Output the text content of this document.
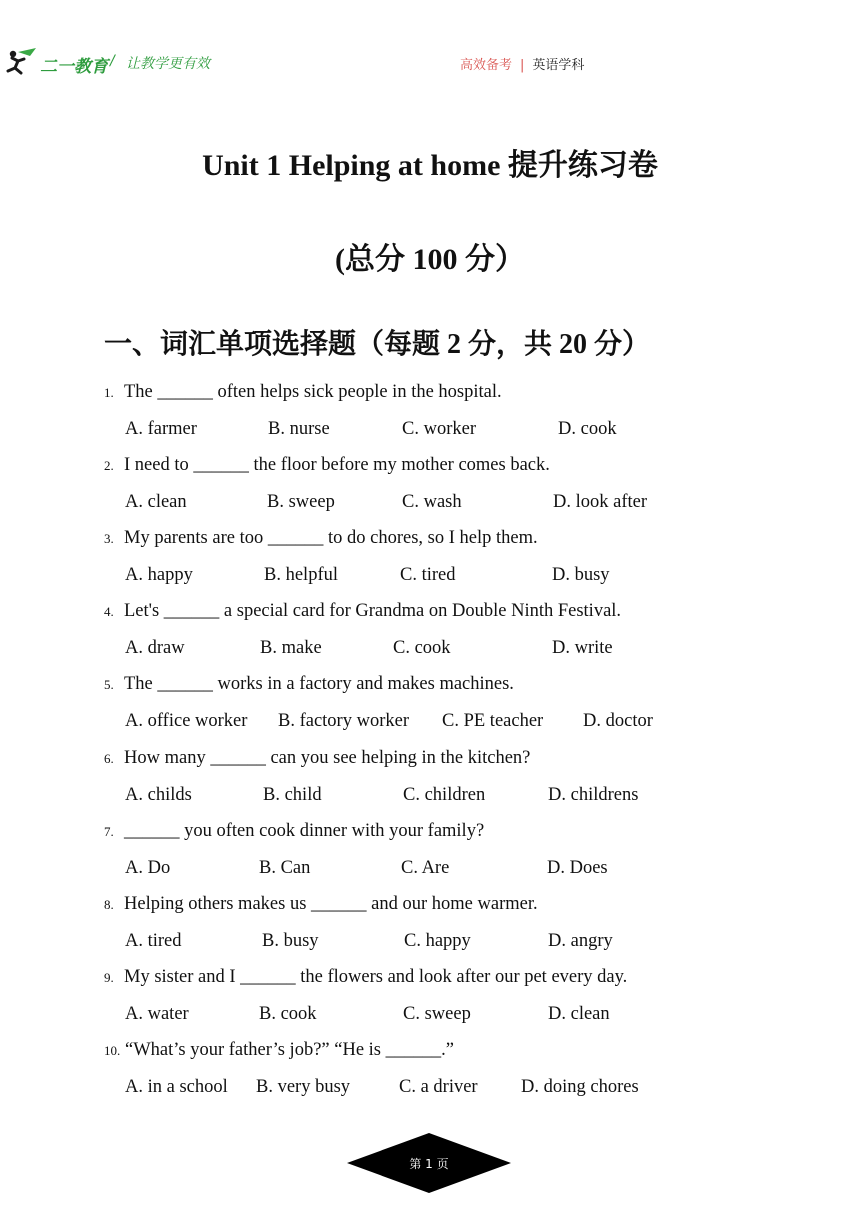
二一教育 / 让教学更有效	高效备考 | 英语学科
Unit 1 Helping at home 提升练习卷
(总分 100 分）
一、词汇单项选择题（每题 2 分，共 20 分）
1. The ______ often helps sick people in the hospital.
A. farmer	B. nurse	C. worker	D. cook
2. I need to ______ the floor before my mother comes back.
A. clean	B. sweep	C. wash	D. look after
3. My parents are too ______ to do chores, so I help them.
A. happy	B. helpful	C. tired	D. busy
4. Let's ______ a special card for Grandma on Double Ninth Festival.
A. draw	B. make	C. cook	D. write
5. The ______ works in a factory and makes machines.
A. office worker B. factory worker C. PE teacher D. doctor
6. How many ______ can you see helping in the kitchen?
A. childs	B. child	C. children	D. childrens
7. ______ you often cook dinner with your family?
A. Do	B. Can	C. Are	D. Does
8. Helping others makes us ______ and our home warmer.
A. tired	B. busy	C. happy	D. angry
9. My sister and I ______ the flowers and look after our pet every day.
A. water	B. cook	C. sweep	D. clean
10. “What’s your father’s job?” “He is ______.”
A. in a school B. very busy	C. a driver D. doing chores
第 1 页
